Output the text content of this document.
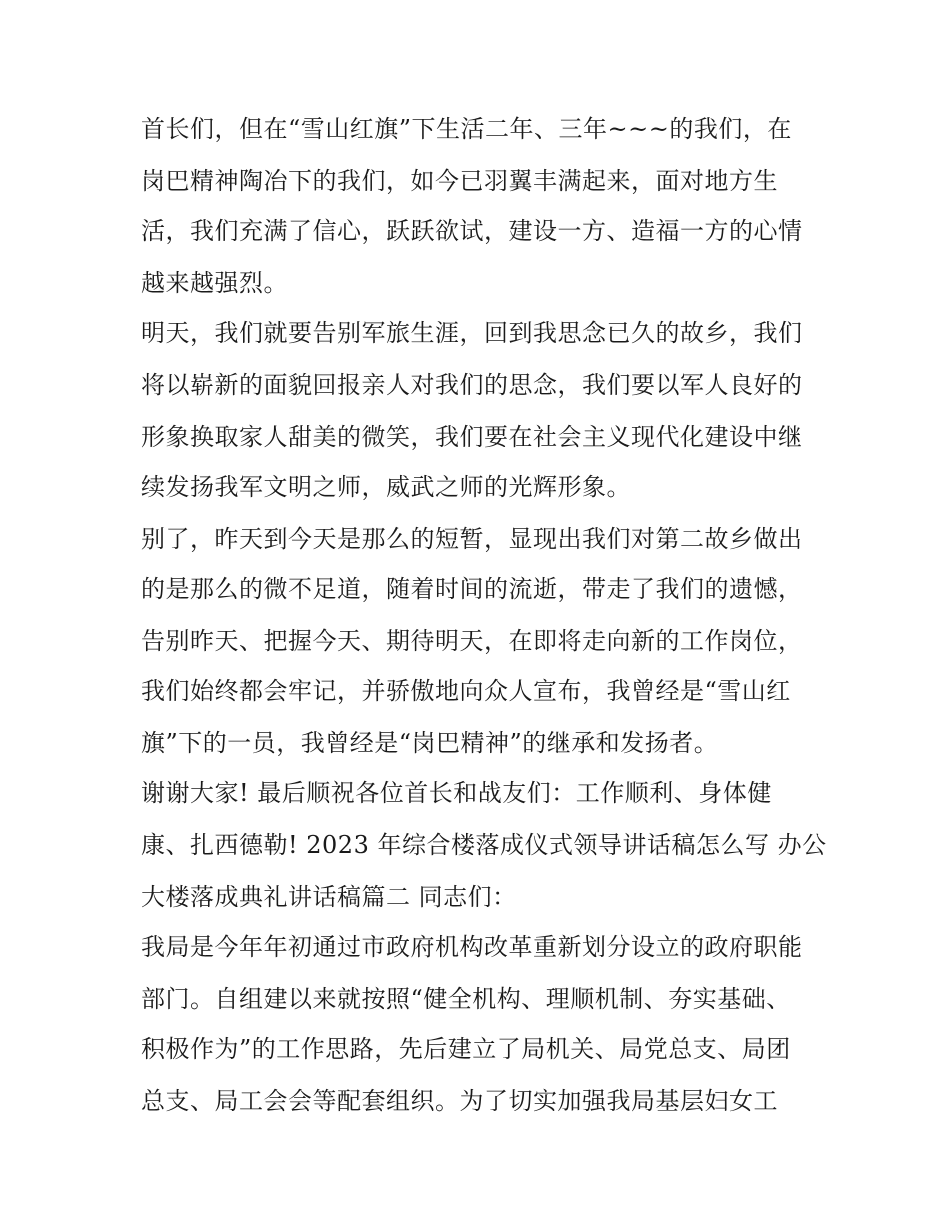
首长们，但在“雪山红旗”下生活二年、三年~~~的我们，在
岗巴精神陶冶下的我们，如今已羽翼丰满起来，面对地方生
活，我们充满了信心，跃跃欲试，建设一方、造福一方的心情
越来越强烈。
明天，我们就要告别军旅生涯，回到我思念已久的故乡，我们
将以崭新的面貌回报亲人对我们的思念，我们要以军人良好的
形象换取家人甜美的微笑，我们要在社会主义现代化建设中继
续发扬我军文明之师，威武之师的光辉形象。
别了，昨天到今天是那么的短暂，显现出我们对第二故乡做出
的是那么的微不足道，随着时间的流逝，带走了我们的遗憾，
告别昨天、把握今天、期待明天，在即将走向新的工作岗位，
我们始终都会牢记，并骄傲地向众人宣布，我曾经是“雪山红
旗”下的一员，我曾经是“岗巴精神”的继承和发扬者。
谢谢大家! 最后顺祝各位首长和战友们：工作顺利、身体健
康、扎西德勒! 2023 年综合楼落成仪式领导讲话稿怎么写 办公
大楼落成典礼讲话稿篇二 同志们：
我局是今年年初通过市政府机构改革重新划分设立的政府职能
部门。自组建以来就按照“健全机构、理顺机制、夯实基础、
积极作为”的工作思路，先后建立了局机关、局党总支、局团
总支、局工会会等配套组织。为了切实加强我局基层妇女工
